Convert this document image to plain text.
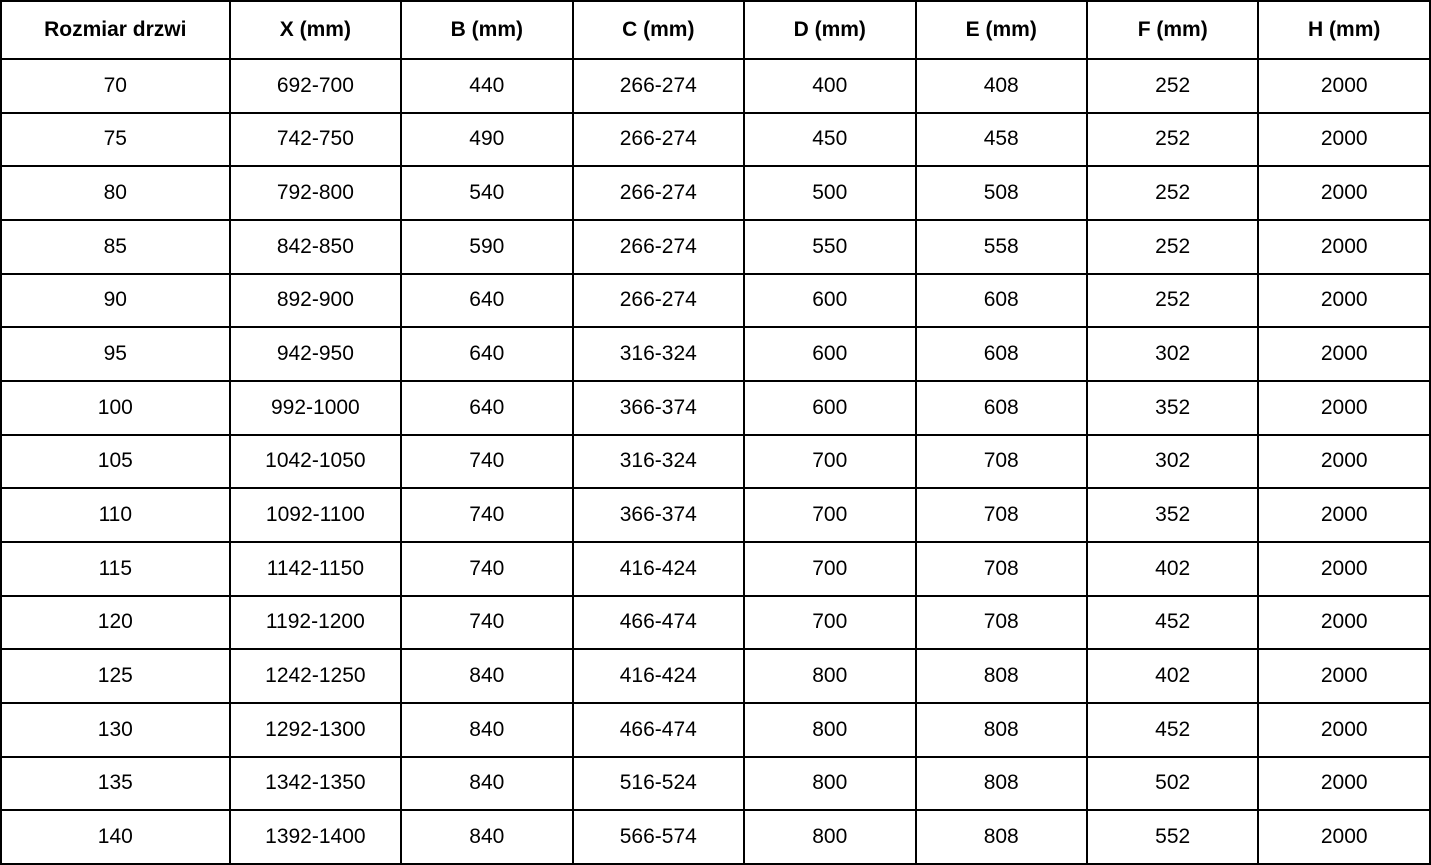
Rozmiar drzwi	X (mm)	B (mm)	C (mm)	D (mm)	E (mm)	F (mm)	H (mm)
70	692-700	440	266-274	400	408	252	2000
75	742-750	490	266-274	450	458	252	2000
80	792-800	540	266-274	500	508	252	2000
85	842-850	590	266-274	550	558	252	2000
90	892-900	640	266-274	600	608	252	2000
95	942-950	640	316-324	600	608	302	2000
100	992-1000	640	366-374	600	608	352	2000
105	1042-1050	740	316-324	700	708	302	2000
110	1092-1100	740	366-374	700	708	352	2000
115	1142-1150	740	416-424	700	708	402	2000
120	1192-1200	740	466-474	700	708	452	2000
125	1242-1250	840	416-424	800	808	402	2000
130	1292-1300	840	466-474	800	808	452	2000
135	1342-1350	840	516-524	800	808	502	2000
140	1392-1400	840	566-574	800	808	552	2000
